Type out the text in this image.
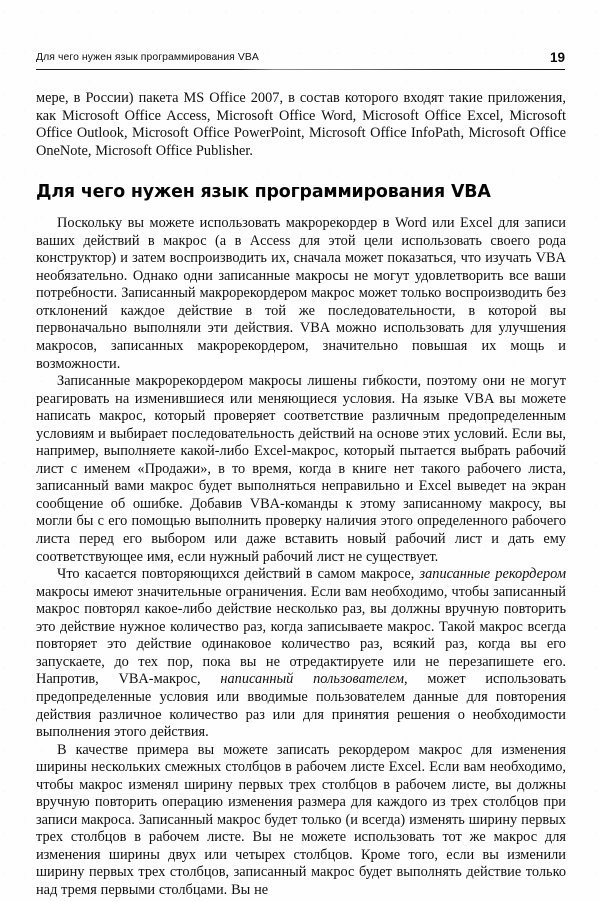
Для чего нужен язык программирования VBA	19

мере, в России) пакета MS Office 2007, в состав которого входят такие приложения, как Microsoft Office Access, Microsoft Office Word, Microsoft Office Excel, Microsoft Office Outlook, Microsoft Office PowerPoint, Microsoft Office InfoPath, Microsoft Office OneNote, Microsoft Office Publisher.

Для чего нужен язык программирования VBA

Поскольку вы можете использовать макрорекордер в Word или Excel для записи ваших действий в макрос (а в Access для этой цели использовать своего рода конструктор) и затем воспроизводить их, сначала может показаться, что изучать VBA необязательно. Однако одни записанные макросы не могут удовлетворить все ваши потребности. Записанный макрорекордером макрос может только воспроизводить без отклонений каждое действие в той же последовательности, в которой вы первоначально выполняли эти действия. VBA можно использовать для улучшения макросов, записанных макрорекордером, значительно повышая их мощь и возможности.

Записанные макрорекордером макросы лишены гибкости, поэтому они не могут реагировать на изменившиеся или меняющиеся условия. На языке VBA вы можете написать макрос, который проверяет соответствие различным предопределенным условиям и выбирает последовательность действий на основе этих условий. Если вы, например, выполняете какой-либо Excel-макрос, который пытается выбрать рабочий лист с именем «Продажи», в то время, когда в книге нет такого рабочего листа, записанный вами макрос будет выполняться неправильно и Excel выведет на экран сообщение об ошибке. Добавив VBA-команды к этому записанному макросу, вы могли бы с его помощью выполнить проверку наличия этого определенного рабочего листа перед его выбором или даже вставить новый рабочий лист и дать ему соответствующее имя, если нужный рабочий лист не существует.

Что касается повторяющихся действий в самом макросе, записанные рекордером макросы имеют значительные ограничения. Если вам необходимо, чтобы записанный макрос повторял какое-либо действие несколько раз, вы должны вручную повторить это действие нужное количество раз, когда записываете макрос. Такой макрос всегда повторяет это действие одинаковое количество раз, всякий раз, когда вы его запускаете, до тех пор, пока вы не отредактируете или не перезапишете его. Напротив, VBA-макрос, написанный пользователем, может использовать предопределенные условия или вводимые пользователем данные для повторения действия различное количество раз или для принятия решения о необходимости выполнения этого действия.

В качестве примера вы можете записать рекордером макрос для изменения ширины нескольких смежных столбцов в рабочем листе Excel. Если вам необходимо, чтобы макрос изменял ширину первых трех столбцов в рабочем листе, вы должны вручную повторить операцию изменения размера для каждого из трех столбцов при записи макроса. Записанный макрос будет только (и всегда) изменять ширину первых трех столбцов в рабочем листе. Вы не можете использовать тот же макрос для изменения ширины двух или четырех столбцов. Кроме того, если вы изменили ширину первых трех столбцов, записанный макрос будет выполнять действие только над тремя первыми столбцами. Вы не
